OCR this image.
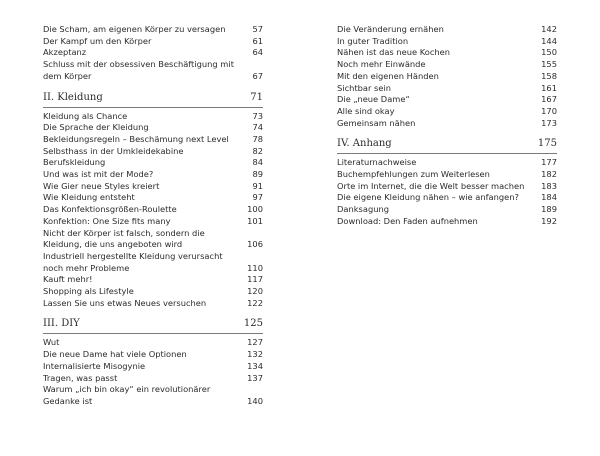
Die Scham, am eigenen Körper zu versagen	57
Der Kampf um den Körper	61
Akzeptanz	64
Schluss mit der obsessiven Beschäftigung mit dem Körper	67
II. Kleidung	71
Kleidung als Chance	73
Die Sprache der Kleidung	74
Bekleidungsregeln – Beschämung next Level	78
Selbsthass in der Umkleidekabine	82
Berufskleidung	84
Und was ist mit der Mode?	89
Wie Gier neue Styles kreiert	91
Wie Kleidung entsteht	97
Das Konfektionsgrößen-Roulette	100
Konfektion: One Size fits many	101
Nicht der Körper ist falsch, sondern die Kleidung, die uns angeboten wird	106
Industriell hergestellte Kleidung verursacht noch mehr Probleme	110
Kauft mehr!	117
Shopping als Lifestyle	120
Lassen Sie uns etwas Neues versuchen	122
III. DIY	125
Wut	127
Die neue Dame hat viele Optionen	132
Internalisierte Misogynie	134
Tragen, was passt	137
Warum „ich bin okay“ ein revolutionärer Gedanke ist	140
Die Veränderung ernähen	142
In guter Tradition	144
Nähen ist das neue Kochen	150
Noch mehr Einwände	155
Mit den eigenen Händen	158
Sichtbar sein	161
Die „neue Dame“	167
Alle sind okay	170
Gemeinsam nähen	173
IV. Anhang	175
Literaturnachweise	177
Buchempfehlungen zum Weiterlesen	182
Orte im Internet, die die Welt besser machen	183
Die eigene Kleidung nähen – wie anfangen?	184
Danksagung	189
Download: Den Faden aufnehmen	192
